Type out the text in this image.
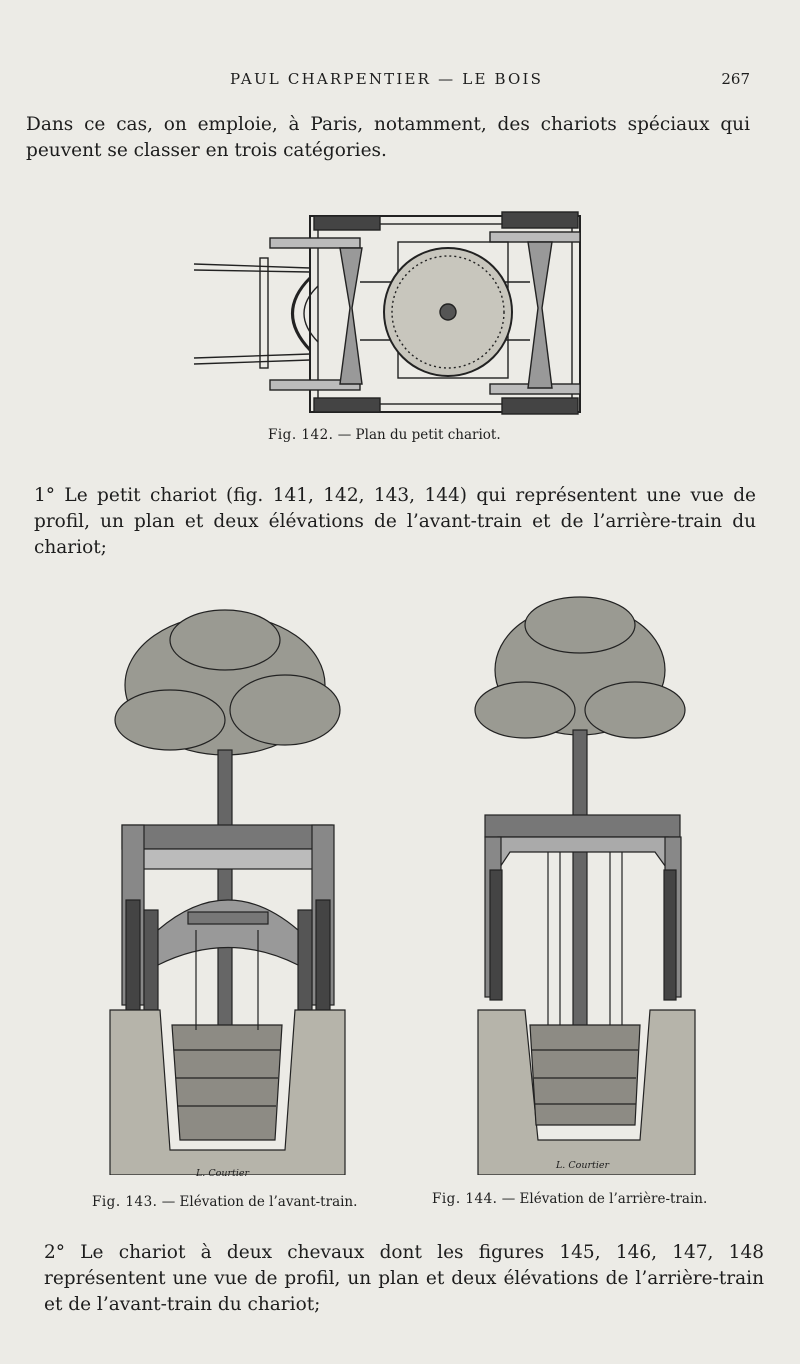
PAUL CHARPENTIER — LE BOIS	267

Dans ce cas, on emploie, à Paris, notamment, des chariots spéciaux qui peuvent se classer en trois catégories.

Fig. 142. — Plan du petit chariot.

1° Le petit chariot (fig. 141, 142, 143, 144) qui représentent une vue de profil, un plan et deux élévations de l’avant-train et de l’arrière-train du chariot;

L. Courtier
L. Courtier
Fig. 143. — Elévation de l’avant-train.	Fig. 144. — Elévation de l’arrière-train.

2° Le chariot à deux chevaux dont les figures 145, 146, 147, 148 représentent une vue de profil, un plan et deux élévations de l’arrière-train et de l’avant-train du chariot;
